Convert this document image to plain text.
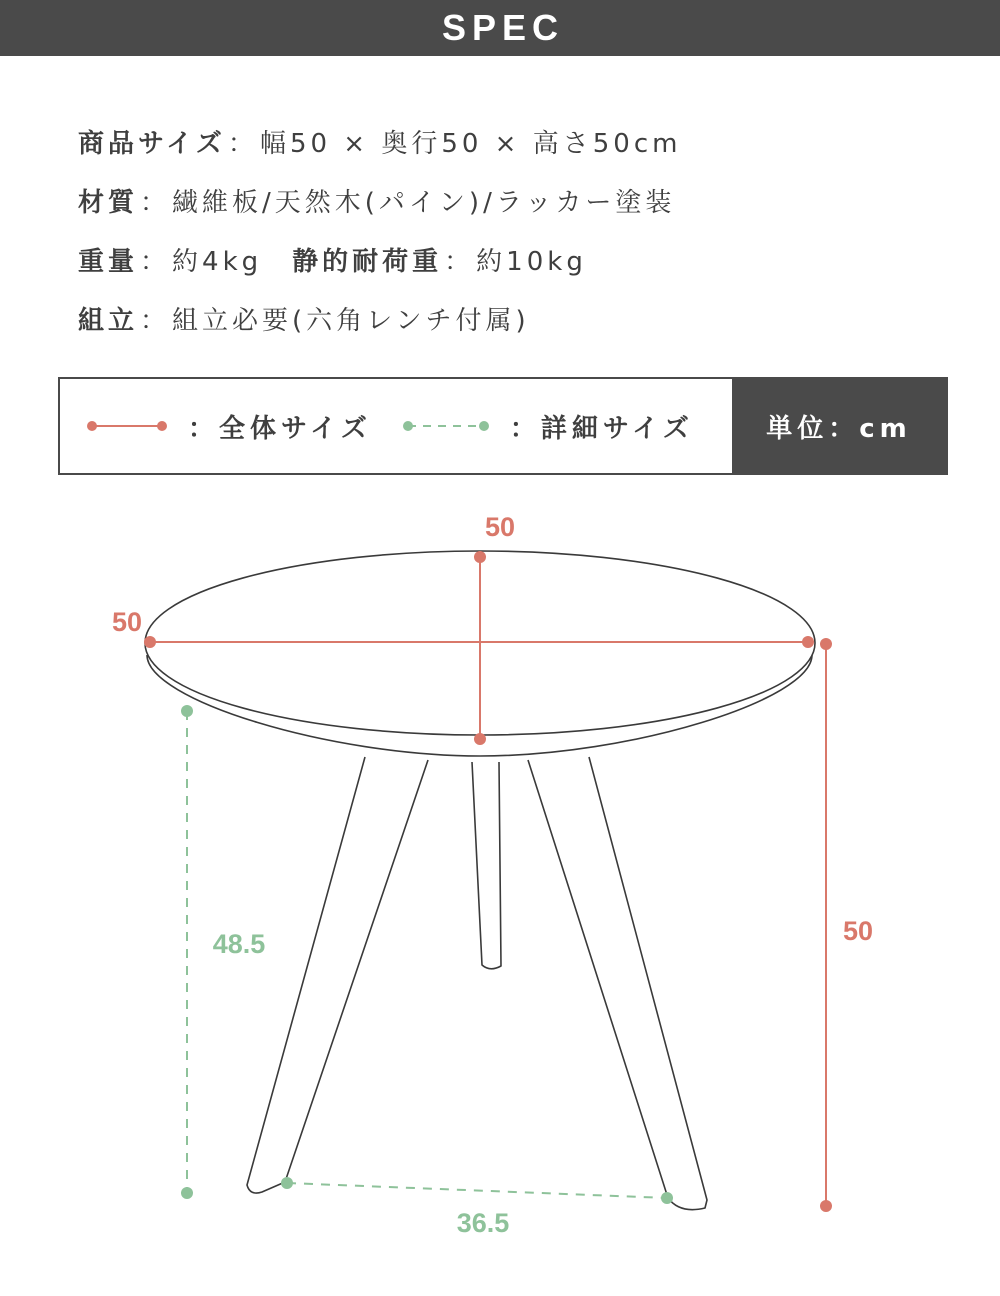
SPEC
商品サイズ ： 幅50 × 奥行50 × 高さ50cm
材質 ： 繊維板/天然木(パイン)/ラッカー塗装
重量 ： 約4kg 静的耐荷重 ： 約10kg
組立 ： 組立必要(六角レンチ付属)
：全体サイズ	：詳細サイズ	単位：cm
50
50
50
48.5
36.5
